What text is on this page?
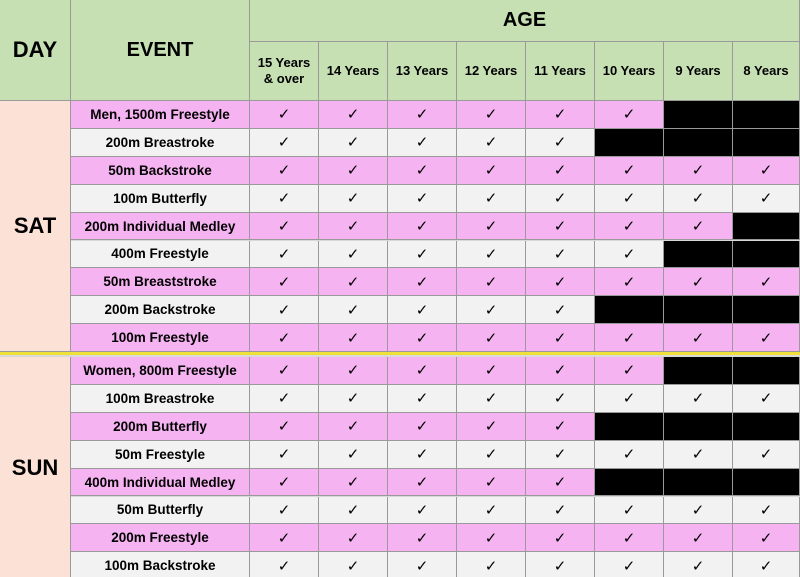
DAY	EVENT
AGE
15 Years & over
14 Years	13 Years	12 Years	11 Years	10 Years	9 Years	8 Years
SAT
Men, 1500m Freestyle	✓	✓	✓	✓	✓	✓
200m Breastroke	✓	✓	✓	✓	✓
50m Backstroke	✓	✓	✓	✓	✓	✓	✓	✓
100m Butterfly	✓	✓	✓	✓	✓	✓	✓	✓
200m Individual Medley	✓	✓	✓	✓	✓	✓	✓
400m Freestyle	✓	✓	✓	✓	✓	✓
50m Breaststroke	✓	✓	✓	✓	✓	✓	✓	✓
200m Backstroke	✓	✓	✓	✓	✓
100m Freestyle	✓	✓	✓	✓	✓	✓	✓	✓
SUN
Women, 800m Freestyle	✓	✓	✓	✓	✓	✓
100m Breastroke	✓	✓	✓	✓	✓	✓	✓	✓
200m Butterfly	✓	✓	✓	✓	✓
50m Freestyle	✓	✓	✓	✓	✓	✓	✓	✓
400m Individual Medley	✓	✓	✓	✓	✓
50m Butterfly	✓	✓	✓	✓	✓	✓	✓	✓
200m Freestyle	✓	✓	✓	✓	✓	✓	✓	✓
100m Backstroke	✓	✓	✓	✓	✓	✓	✓	✓
